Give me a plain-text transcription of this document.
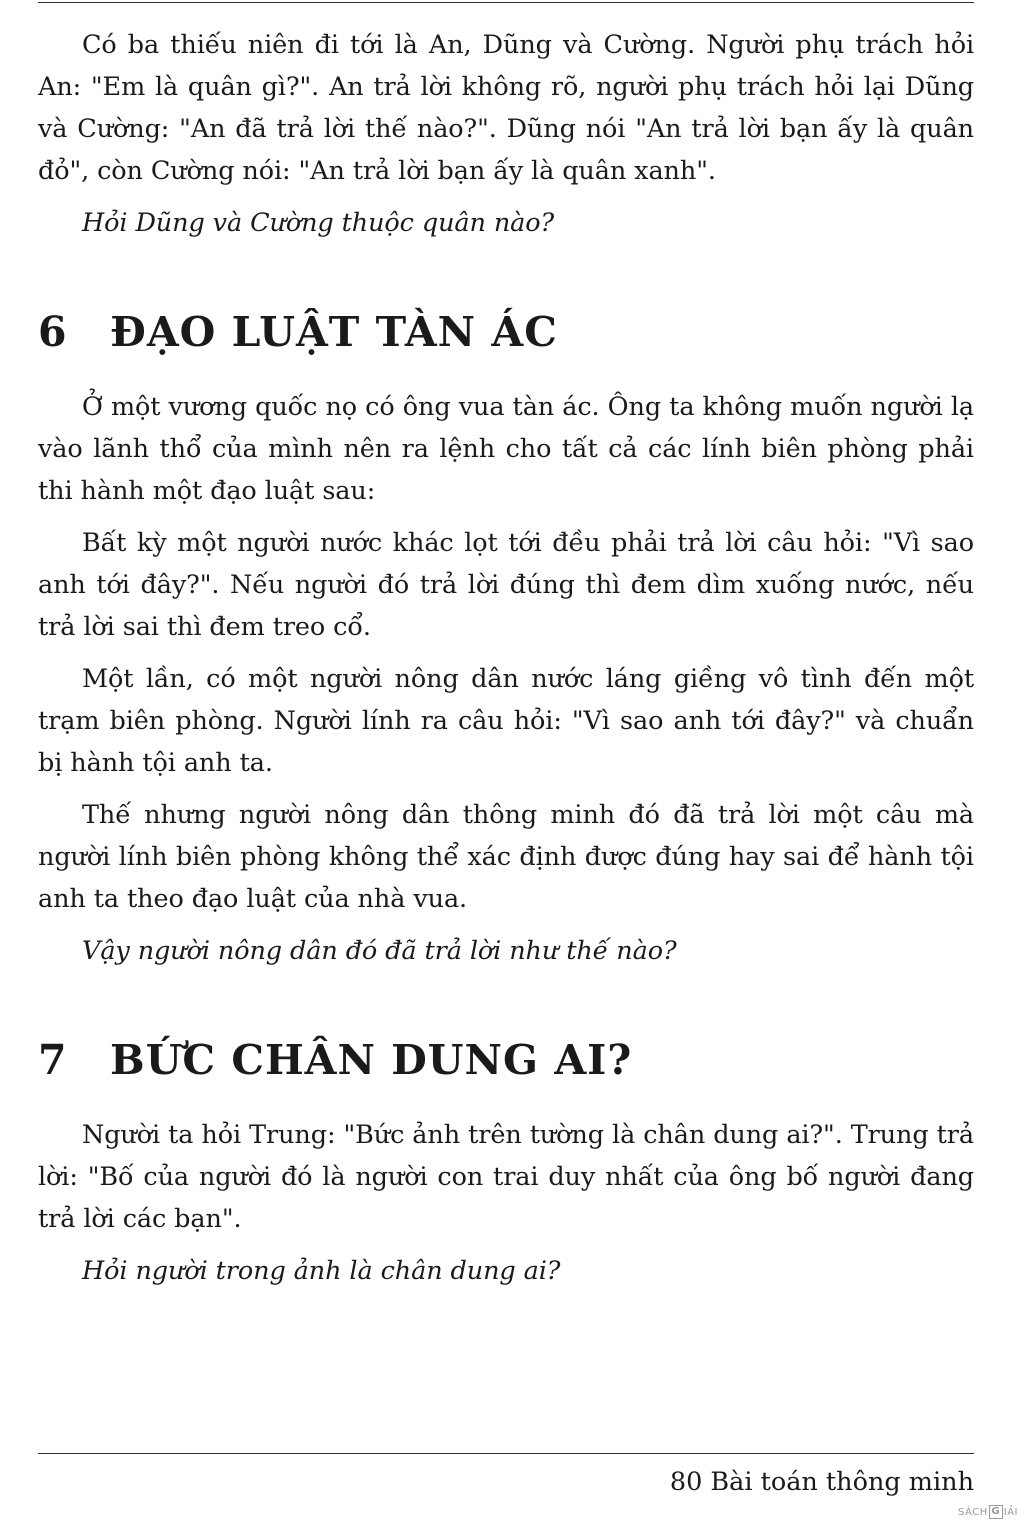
Có ba thiếu niên đi tới là An, Dũng và Cường. Người phụ trách hỏi An: "Em là quân gì?". An trả lời không rõ, người phụ trách hỏi lại Dũng và Cường: "An đã trả lời thế nào?". Dũng nói "An trả lời bạn ấy là quân đỏ", còn Cường nói: "An trả lời bạn ấy là quân xanh".

Hỏi Dũng và Cường thuộc quân nào?

6	ĐẠO LUẬT TÀN ÁC

Ở một vương quốc nọ có ông vua tàn ác. Ông ta không muốn người lạ vào lãnh thổ của mình nên ra lệnh cho tất cả các lính biên phòng phải thi hành một đạo luật sau:

Bất kỳ một người nước khác lọt tới đều phải trả lời câu hỏi: "Vì sao anh tới đây?". Nếu người đó trả lời đúng thì đem dìm xuống nước, nếu trả lời sai thì đem treo cổ.

Một lần, có một người nông dân nước láng giềng vô tình đến một trạm biên phòng. Người lính ra câu hỏi: "Vì sao anh tới đây?" và chuẩn bị hành tội anh ta.

Thế nhưng người nông dân thông minh đó đã trả lời một câu mà người lính biên phòng không thể xác định được đúng hay sai để hành tội anh ta theo đạo luật của nhà vua.

Vậy người nông dân đó đã trả lời như thế nào?

7	BỨC CHÂN DUNG AI?

Người ta hỏi Trung: "Bức ảnh trên tường là chân dung ai?". Trung trả lời: "Bố của người đó là người con trai duy nhất của ông bố người đang trả lời các bạn".

Hỏi người trong ảnh là chân dung ai?

80 Bài toán thông minh
SÁCH G IẢI
